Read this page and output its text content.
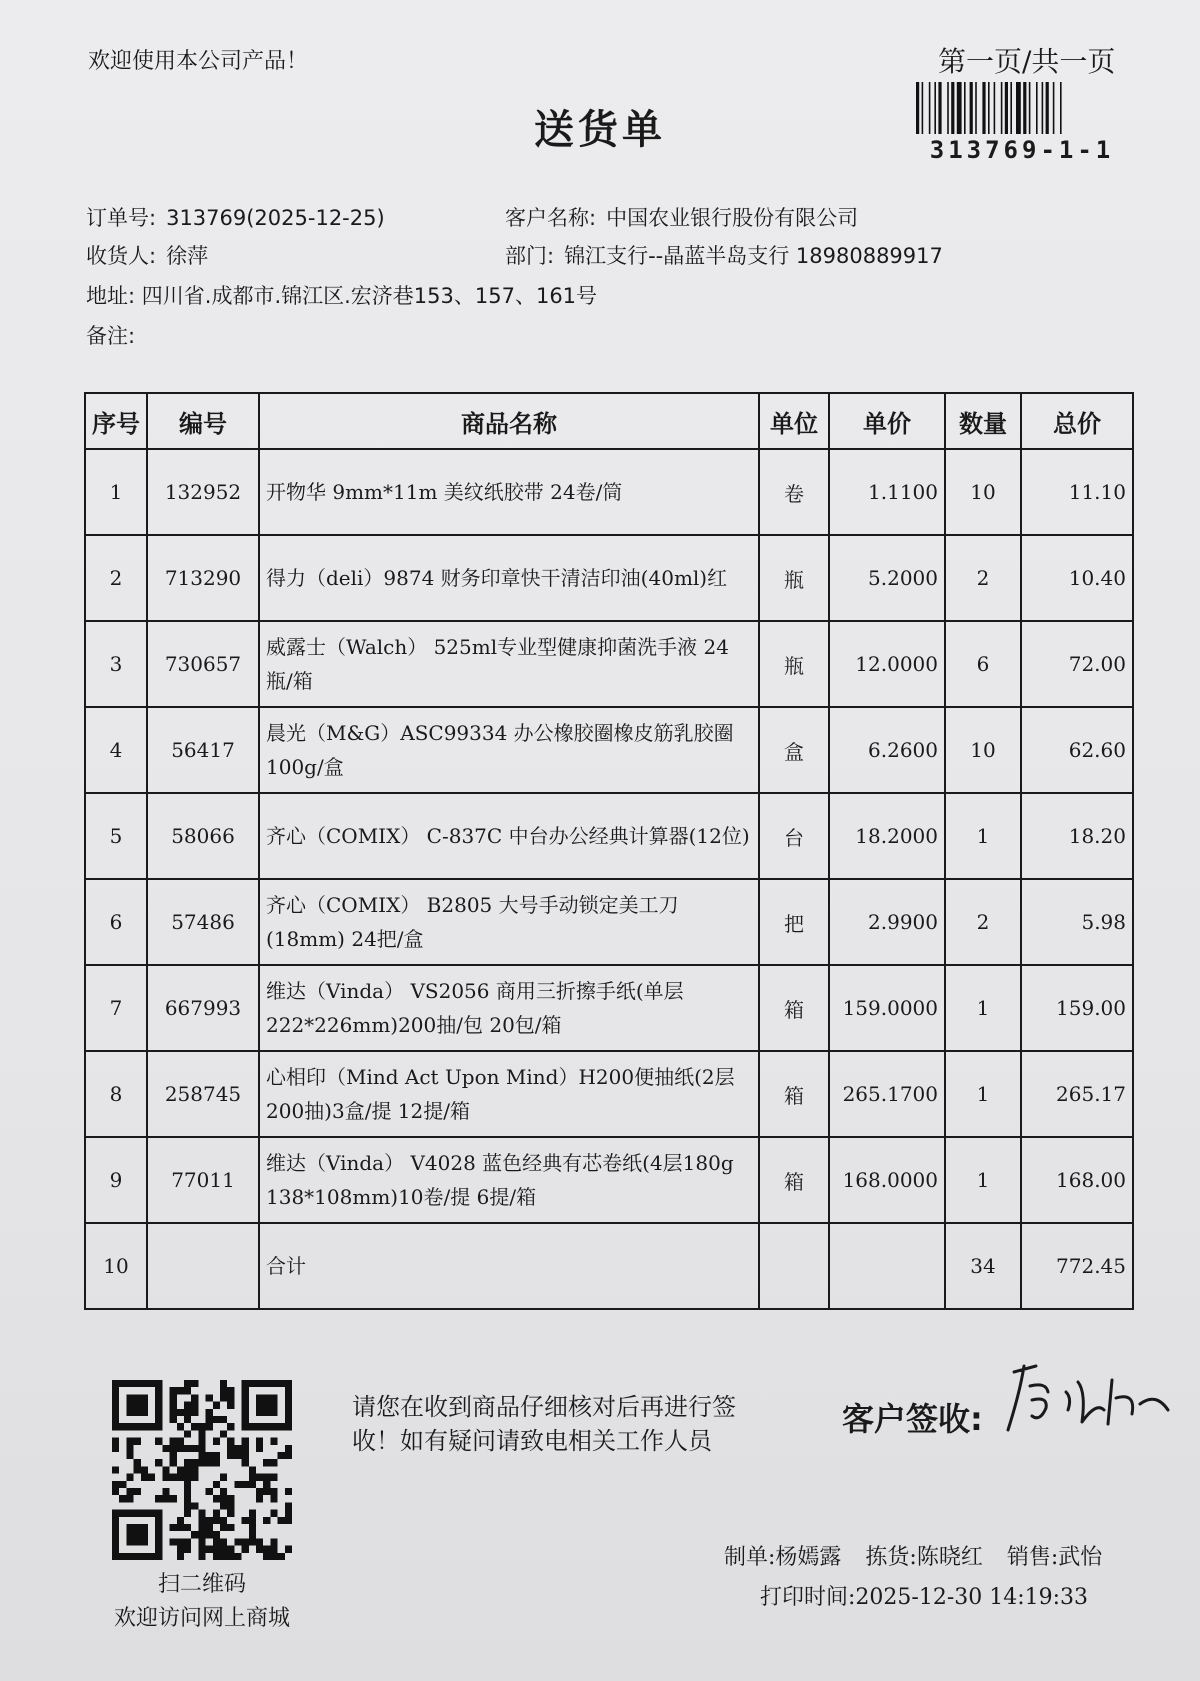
欢迎使用本公司产品！	第一页/共一页
313769-1-1
送货单
订单号: 313769(2025-12-25)
收货人: 徐萍
地址: 四川省.成都市.锦江区.宏济巷153、157、161号
备注:
客户名称: 中国农业银行股份有限公司
部门: 锦江支行--晶蓝半岛支行 18980889917
序号	编号	商品名称	单位	单价	数量	总价
1	132952	开物华 9mm*11m 美纹纸胶带 24卷/筒	卷	1.1100	10	11.10
2	713290	得力（deli）9874 财务印章快干清洁印油(40ml)红	瓶	5.2000	2	10.40
3	730657	威露士（Walch） 525ml专业型健康抑菌洗手液 24瓶/箱	瓶	12.0000	6	72.00
4	56417	晨光（M&G）ASC99334 办公橡胶圈橡皮筋乳胶圈100g/盒	盒	6.2600	10	62.60
5	58066	齐心（COMIX） C-837C 中台办公经典计算器(12位)	台	18.2000	1	18.20
6	57486	齐心（COMIX） B2805 大号手动锁定美工刀(18mm) 24把/盒	把	2.9900	2	5.98
7	667993	维达（Vinda） VS2056 商用三折擦手纸(单层222*226mm)200抽/包 20包/箱	箱	159.0000	1	159.00
8	258745	心相印（Mind Act Upon Mind）H200便抽纸(2层200抽)3盒/提 12提/箱	箱	265.1700	1	265.17
9	77011	维达（Vinda） V4028 蓝色经典有芯卷纸(4层180g 138*108mm)10卷/提 6提/箱	箱	168.0000	1	168.00
10		合计			34	772.45
扫二维码
欢迎访问网上商城
请您在收到商品仔细核对后再进行签收！如有疑问请致电相关工作人员
客户签收:
制单:杨嫣露 拣货:陈晓红 销售:武怡
打印时间:2025-12-30 14:19:33
